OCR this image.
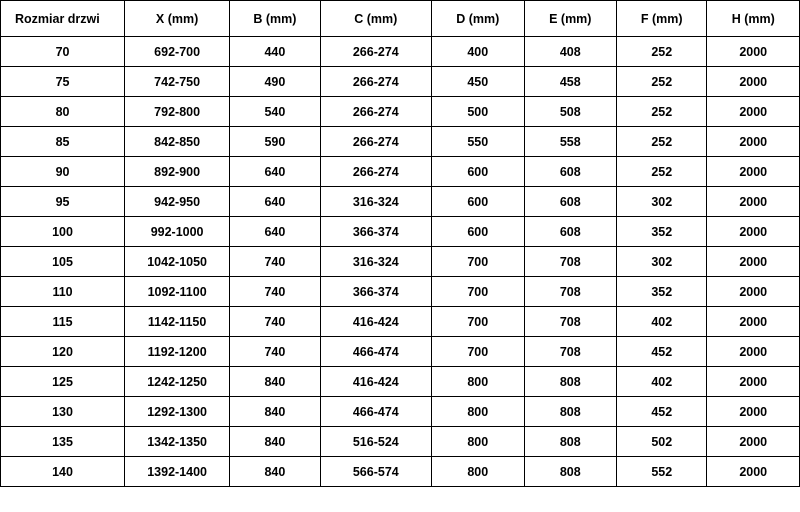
Rozmiar drzwi	X (mm)	B (mm)	C (mm)	D (mm)	E (mm)	F (mm)	H (mm)
70	692-700	440	266-274	400	408	252	2000
75	742-750	490	266-274	450	458	252	2000
80	792-800	540	266-274	500	508	252	2000
85	842-850	590	266-274	550	558	252	2000
90	892-900	640	266-274	600	608	252	2000
95	942-950	640	316-324	600	608	302	2000
100	992-1000	640	366-374	600	608	352	2000
105	1042-1050	740	316-324	700	708	302	2000
110	1092-1100	740	366-374	700	708	352	2000
115	1142-1150	740	416-424	700	708	402	2000
120	1192-1200	740	466-474	700	708	452	2000
125	1242-1250	840	416-424	800	808	402	2000
130	1292-1300	840	466-474	800	808	452	2000
135	1342-1350	840	516-524	800	808	502	2000
140	1392-1400	840	566-574	800	808	552	2000
